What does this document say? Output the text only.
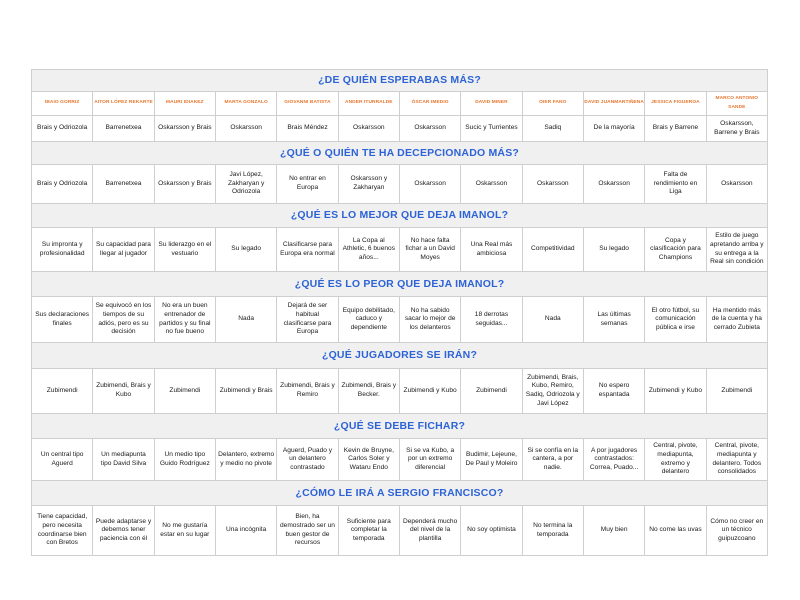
¿DE QUIÉN ESPERABAS MÁS?											
IBAIO GORRIZ	AITOR LÓPEZ REKARTE	MAURI IDIAKEZ	MARTA GONZALO	GIOVANNI BATISTA	ANDER ITURRALDE	ÓSCAR IMEDIO	DAVID MINER	OIER FANO	DAVID JUANMARTIÑENA	JESSICA FIGUEROA	MARCO ANTONIO SANDE
Brais y Odriozola	Barrenetxea	Oskarsson y Brais	Oskarsson	Brais Méndez	Oskarsson	Oskarsson	Sucic y Turrientes	Sadiq	De la mayoría	Brais y Barrene	Oskarsson, Barrene y Brais
¿QUÉ O QUIÉN TE HA DECEPCIONADO MÁS?											
Brais y Odriozola	Barrenetxea	Oskarsson y Brais	Javi López, Zakharyan y Odriozola	No entrar en Europa	Oskarsson y Zakharyan	Oskarsson	Oskarsson	Oskarsson	Oskarsson	Falta de rendimiento en Liga	Oskarsson
¿QUÉ ES LO MEJOR QUE DEJA IMANOL?											
Su impronta y profesionalidad	Su capacidad para llegar al jugador	Su liderazgo en el vestuario	Su legado	Clasificarse para Europa era normal	La Copa al Athletic, 6 buenos años...	No hace falta fichar a un David Moyes	Una Real más ambiciosa	Competitividad	Su legado	Copa y clasificación para Champions	Estilo de juego apretando arriba y su entrega a la Real sin condición
¿QUÉ ES LO PEOR QUE DEJA IMANOL?											
Sus declaraciones finales	Se equivocó en los tiempos de su adiós, pero es su decisión	No era un buen entrenador de partidos y su final no fue bueno	Nada	Dejará de ser habitual clasificarse para Europa	Equipo debilitado, caduco y dependiente	No ha sabido sacar lo mejor de los delanteros	18 derrotas seguidas...	Nada	Las últimas semanas	El otro fútbol, su comunicación pública e irse	Ha mentido más de la cuenta y ha cerrado Zubieta
¿QUÉ JUGADORES SE IRÁN?											
Zubimendi	Zubimendi, Brais y Kubo	Zubimendi	Zubimendi y Brais	Zubimendi, Brais y Remiro	Zubimendi, Brais y Becker.	Zubimendi y Kubo	Zubimendi	Zubimendi, Brais, Kubo, Remiro, Sadiq, Odriozola y Javi López	No espero espantada	Zubimendi y Kubo	Zubimendi
¿QUÉ SE DEBE FICHAR?											
Un central tipo Aguerd	Un mediapunta tipo David Silva	Un medio tipo Guido Rodríguez	Delantero, extremo y medio no pivote	Aguerd, Puado y un delantero contrastado	Kevin de Bruyne, Carlos Soler y Wataru Endo	Si se va Kubo, a por un extremo diferencial	Budimir, Lejeune, De Paul y Moleiro	Si se confía en la cantera, a por nadie.	A por jugadores contrastados: Correa, Puado...	Central, pivote, mediapunta, extremo y delantero	Central, pivote, mediapunta y delantero. Todos consolidados
¿CÓMO LE IRÁ A SERGIO FRANCISCO?											
Tiene capacidad, pero necesita coordinarse bien con Bretos	Puede adaptarse y debemos tener paciencia con él	No me gustaría estar en su lugar	Una incógnita	Bien, ha demostrado ser un buen gestor de recursos	Suficiente para completar la temporada	Dependerá mucho del nivel de la plantilla	No soy optimista	No termina la temporada	Muy bien	No come las uvas	Cómo no creer en un técnico guipuzcoano
